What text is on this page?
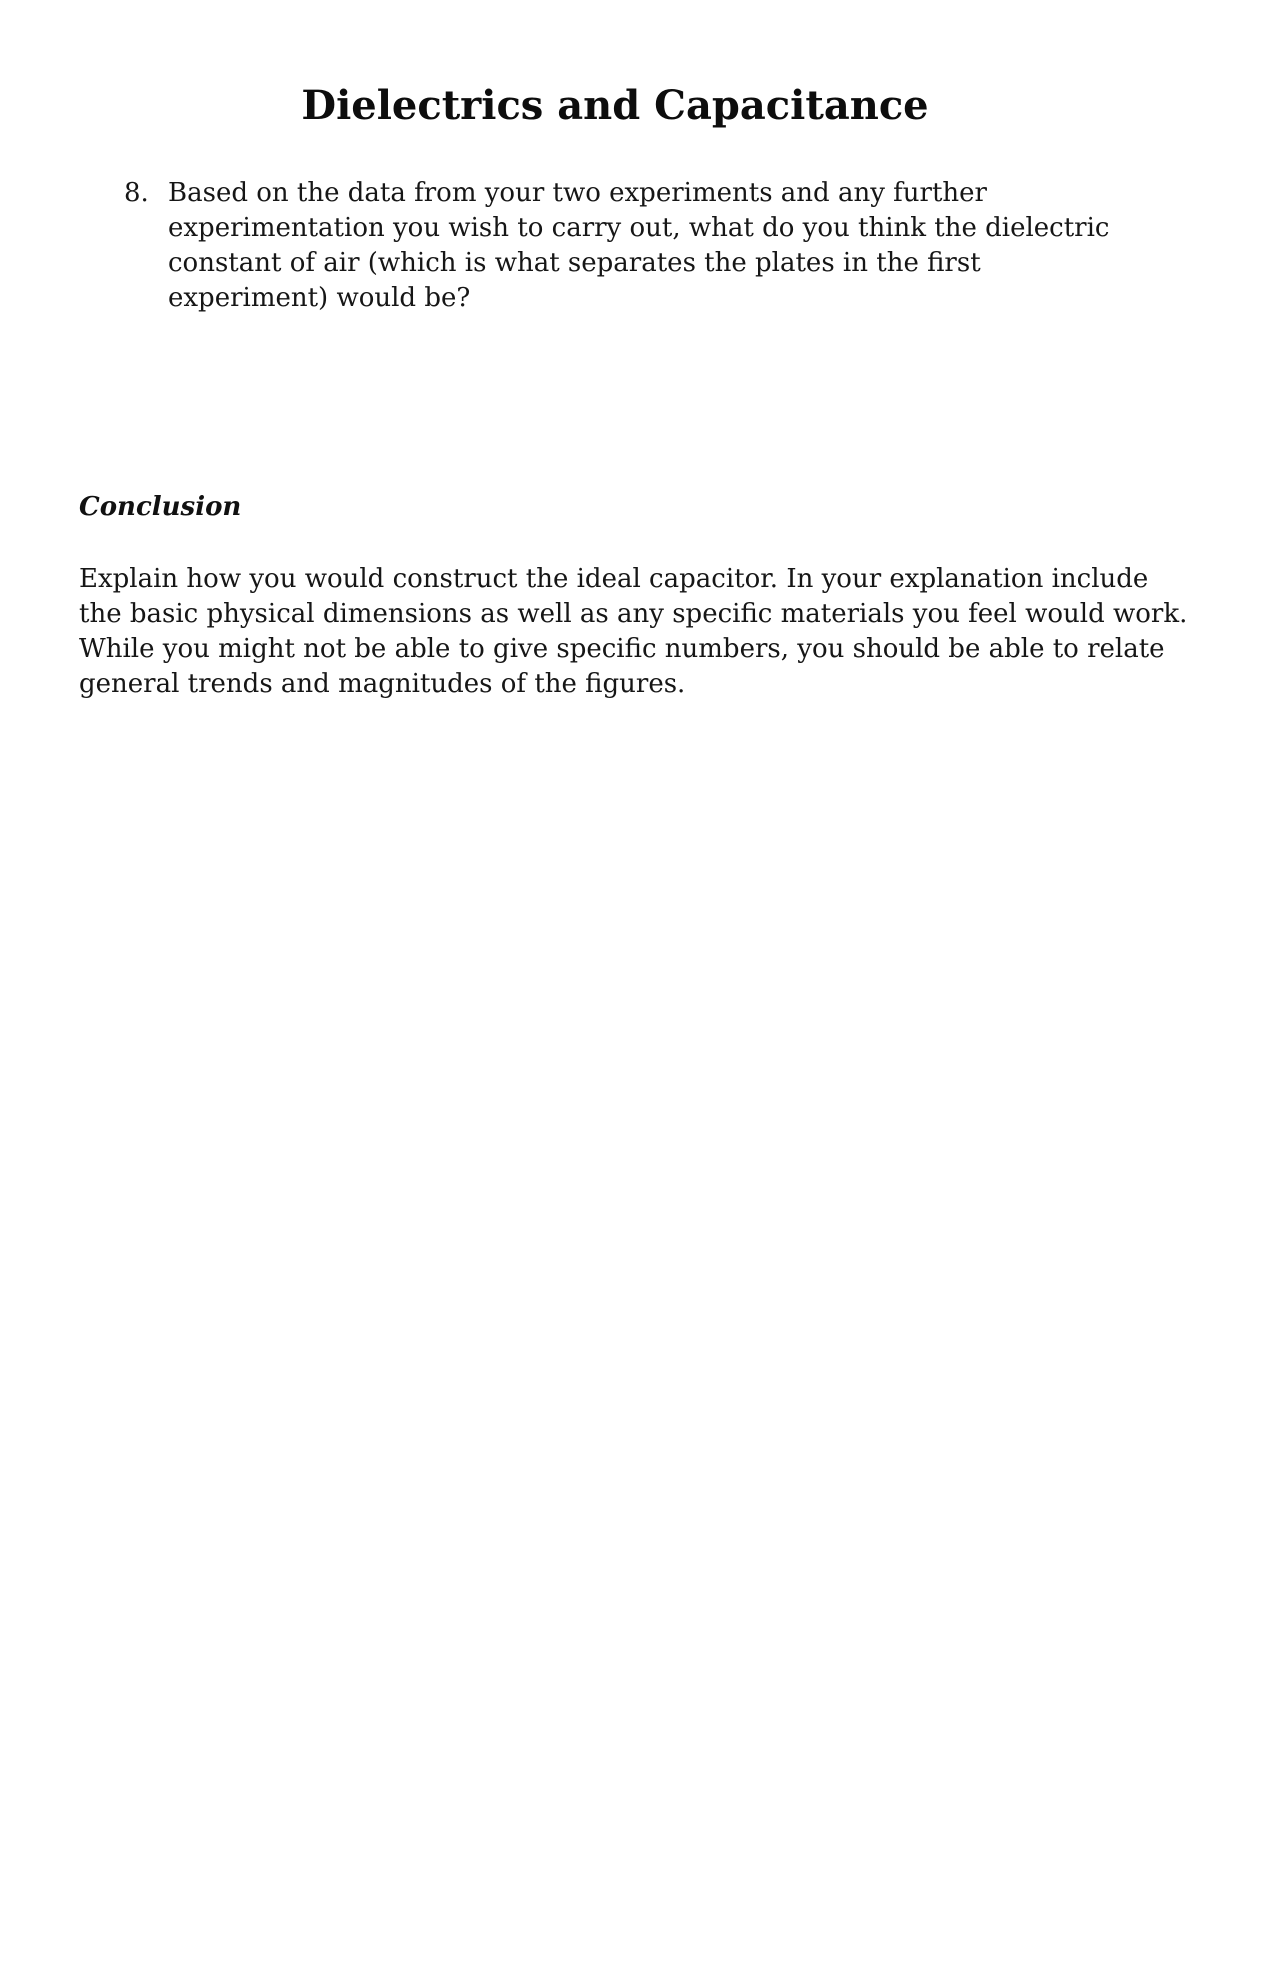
Dielectrics and Capacitance
8. Based on the data from your two experiments and any further experimentation you wish to carry out, what do you think the dielectric constant of air (which is what separates the plates in the first experiment) would be?
Conclusion

Explain how you would construct the ideal capacitor. In your explanation include the basic physical dimensions as well as any specific materials you feel would work. While you might not be able to give specific numbers, you should be able to relate general trends and magnitudes of the figures.
